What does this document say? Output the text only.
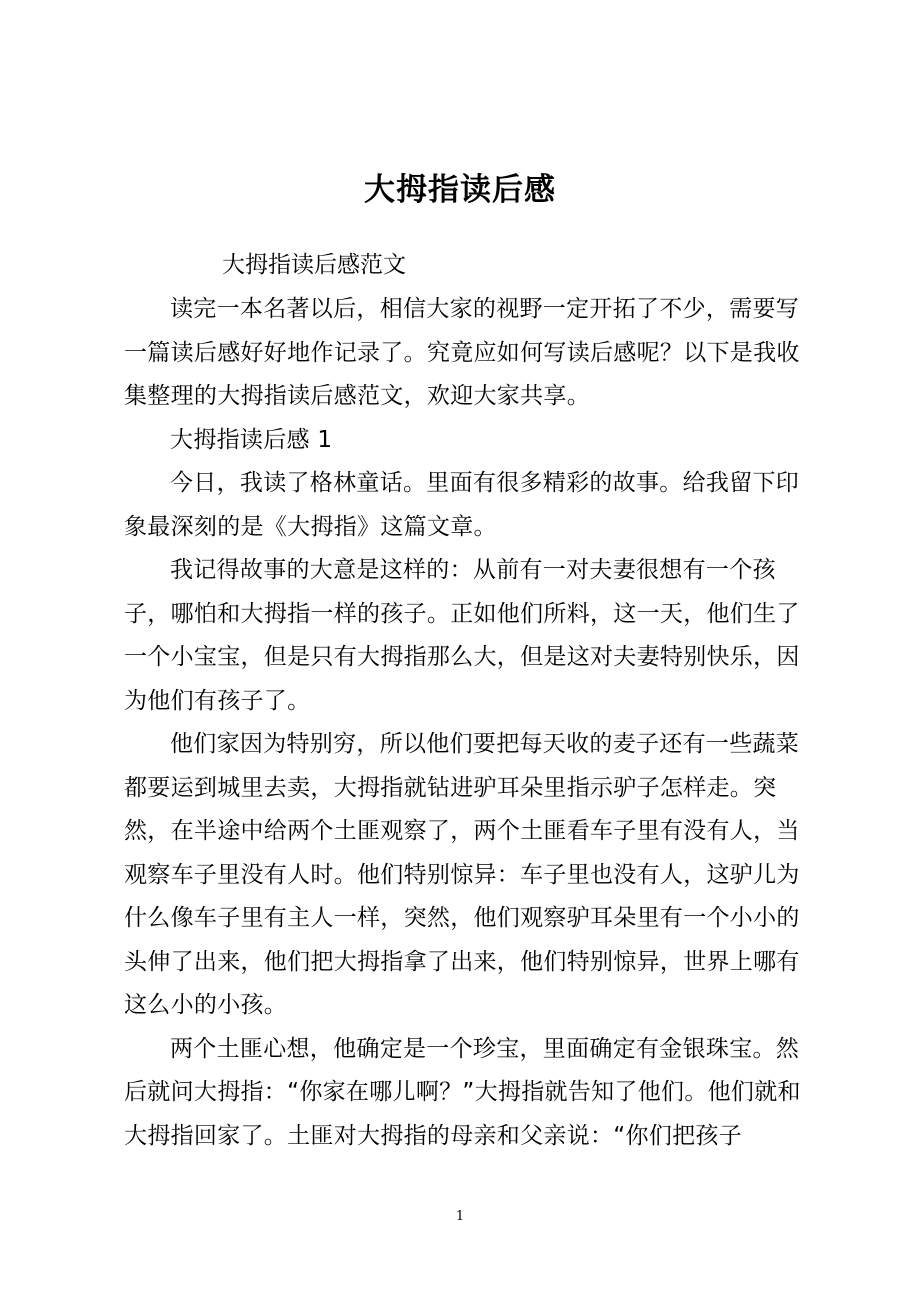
大拇指读后感
大拇指读后感范文

读完一本名著以后，相信大家的视野一定开拓了不少，需要写一篇读后感好好地作记录了。究竟应如何写读后感呢？以下是我收集整理的大拇指读后感范文，欢迎大家共享。

大拇指读后感 1

今日，我读了格林童话。里面有很多精彩的故事。给我留下印象最深刻的是《大拇指》这篇文章。

我记得故事的大意是这样的：从前有一对夫妻很想有一个孩子，哪怕和大拇指一样的孩子。正如他们所料，这一天，他们生了一个小宝宝，但是只有大拇指那么大，但是这对夫妻特别快乐，因为他们有孩子了。

他们家因为特别穷，所以他们要把每天收的麦子还有一些蔬菜都要运到城里去卖，大拇指就钻进驴耳朵里指示驴子怎样走。突然，在半途中给两个土匪观察了，两个土匪看车子里有没有人，当观察车子里没有人时。他们特别惊异：车子里也没有人，这驴儿为什么像车子里有主人一样，突然，他们观察驴耳朵里有一个小小的头伸了出来，他们把大拇指拿了出来，他们特别惊异，世界上哪有这么小的小孩。

两个土匪心想，他确定是一个珍宝，里面确定有金银珠宝。然后就问大拇指：“你家在哪儿啊？”大拇指就告知了他们。他们就和大拇指回家了。土匪对大拇指的母亲和父亲说：“你们把孩子

1
